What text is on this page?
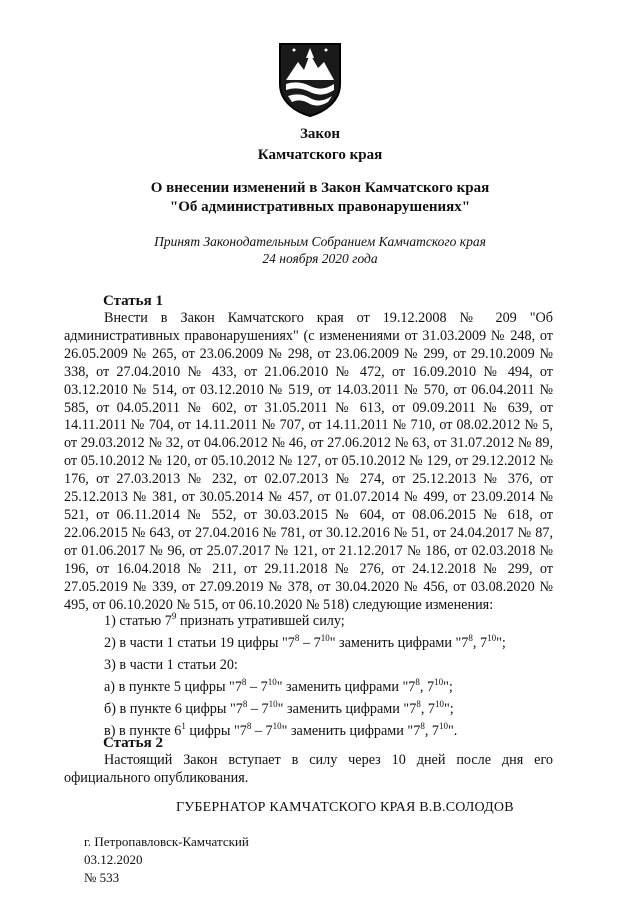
Закон
Камчатского края
О внесении изменений в Закон Камчатского края
"Об административных правонарушениях"
Принят Законодательным Собранием Камчатского края
24 ноября 2020 года
Статья 1
Внести в Закон Камчатского края от 19.12.2008 № 209 "Об административных правонарушениях" (с изменениями от 31.03.2009 № 248, от 26.05.2009 № 265, от 23.06.2009 № 298, от 23.06.2009 № 299, от 29.10.2009 № 338, от 27.04.2010 № 433, от 21.06.2010 № 472, от 16.09.2010 № 494, от 03.12.2010 № 514, от 03.12.2010 № 519, от 14.03.2011 № 570, от 06.04.2011 № 585, от 04.05.2011 № 602, от 31.05.2011 № 613, от 09.09.2011 № 639, от 14.11.2011 № 704, от 14.11.2011 № 707, от 14.11.2011 № 710, от 08.02.2012 № 5, от 29.03.2012 № 32, от 04.06.2012 № 46, от 27.06.2012 № 63, от 31.07.2012 № 89, от 05.10.2012 № 120, от 05.10.2012 № 127, от 05.10.2012 № 129, от 29.12.2012 № 176, от 27.03.2013 № 232, от 02.07.2013 № 274, от 25.12.2013 № 376, от 25.12.2013 № 381, от 30.05.2014 № 457, от 01.07.2014 № 499, от 23.09.2014 № 521, от 06.11.2014 № 552, от 30.03.2015 № 604, от 08.06.2015 № 618, от 22.06.2015 № 643, от 27.04.2016 № 781, от 30.12.2016 № 51, от 24.04.2017 № 87, от 01.06.2017 № 96, от 25.07.2017 № 121, от 21.12.2017 № 186, от 02.03.2018 № 196, от 16.04.2018 № 211, от 29.11.2018 № 276, от 24.12.2018 № 299, от 27.05.2019 № 339, от 27.09.2019 № 378, от 30.04.2020 № 456, от 03.08.2020 № 495, от 06.10.2020 № 515, от 06.10.2020 № 518) следующие изменения:
1) статью $7^9$ признать утратившей силу;
2) в части 1 статьи 19 цифры "$7^8 - 7^{10}$" заменить цифрами "$7^8$, $7^{10}$";
3) в части 1 статьи 20:
а) в пункте 5 цифры "$7^8 - 7^{10}$" заменить цифрами "$7^8$, $7^{10}$";
б) в пункте 6 цифры "$7^8 - 7^{10}$" заменить цифрами "$7^8$, $7^{10}$";
в) в пункте $6^1$ цифры "$7^8 - 7^{10}$" заменить цифрами "$7^8$, $7^{10}$".
Статья 2
Настоящий Закон вступает в силу через 10 дней после дня его официального опубликования.
ГУБЕРНАТОР КАМЧАТСКОГО КРАЯ В.В.СОЛОДОВ
г. Петропавловск-Камчатский
03.12.2020
№ 533
